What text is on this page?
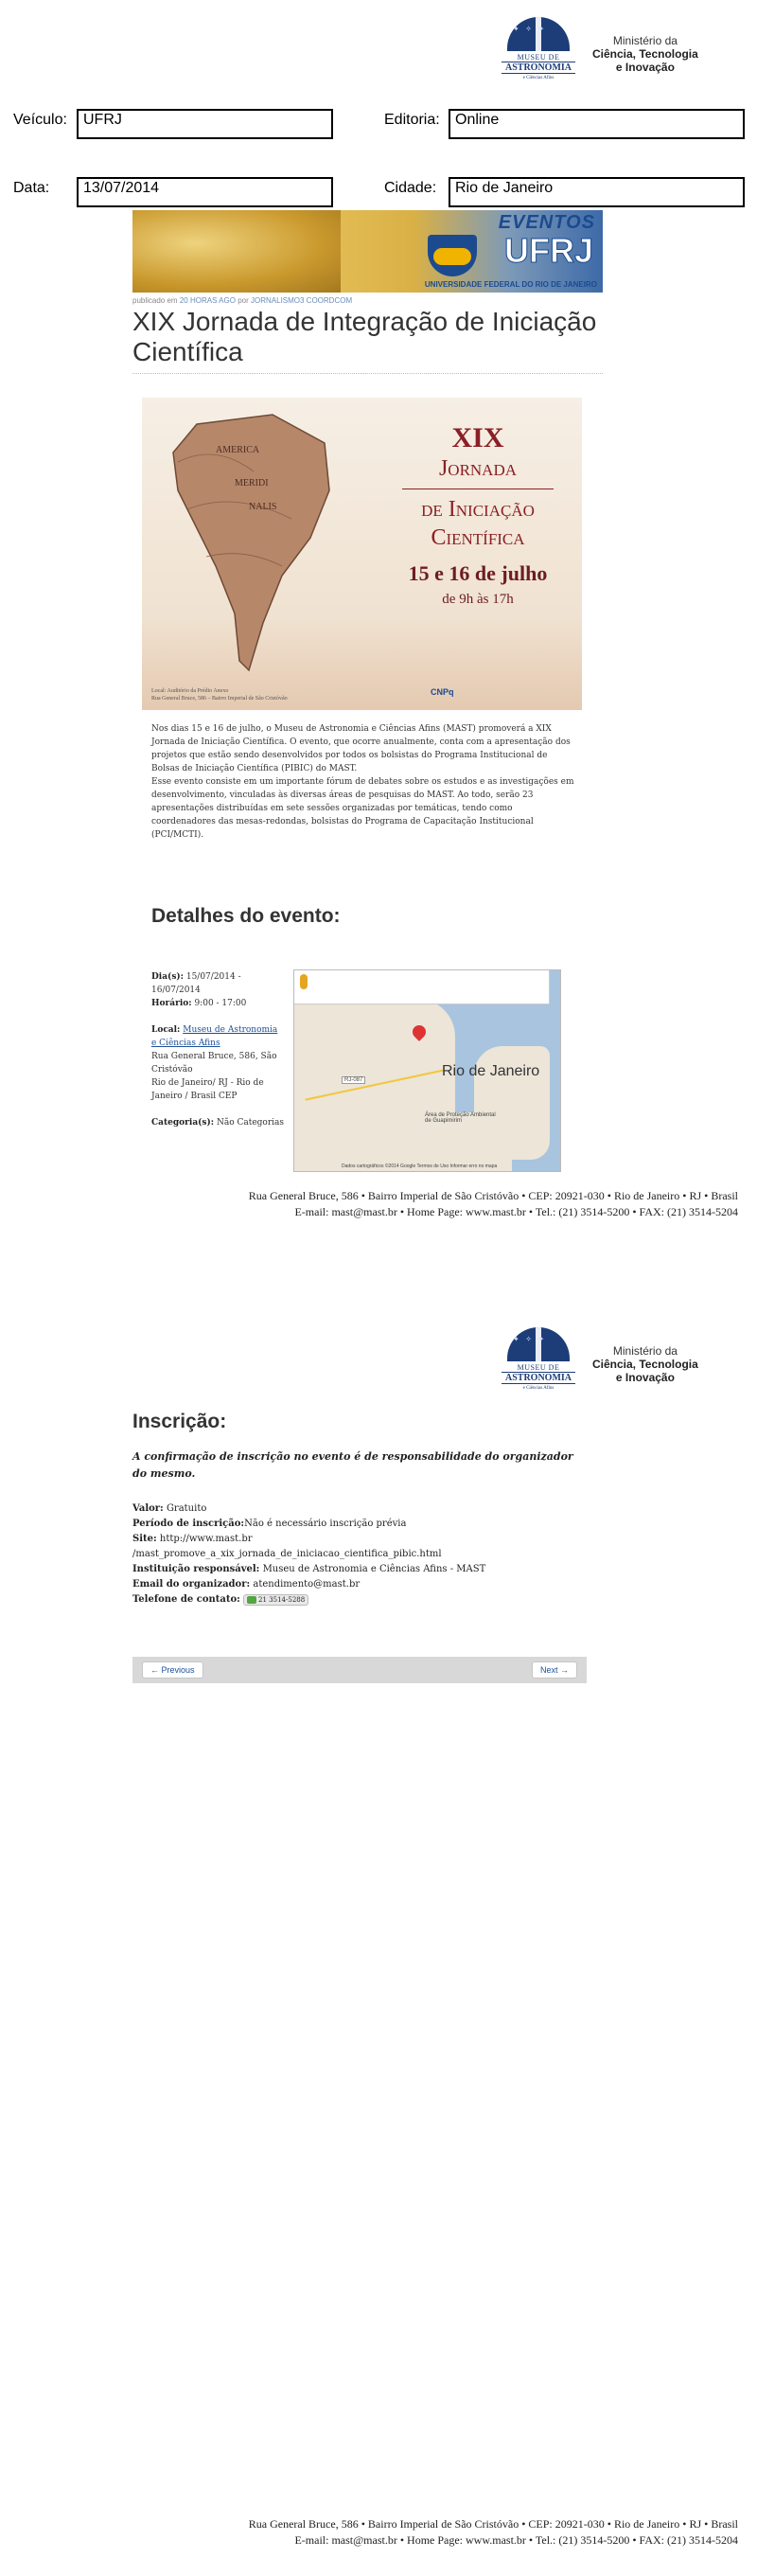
✦ ✧ ✦
MUSEU DE
ASTRONOMIA
e Ciências Afins
Ministério da
Ciência, Tecnologia
e Inovação
Veículo:	UFRJ	Editoria:	Online
Data:	13/07/2014	Cidade:	Rio de Janeiro
EVENTOS
UFRJ
UNIVERSIDADE FEDERAL DO RIO DE JANEIRO
publicado em 20 HORAS AGO por JORNALISMO3 COORDCOM
XIX Jornada de Integração de Iniciação Científica
AMERICA
MERIDI
NALIS
XIX
Jornada
de Iniciação
Científica
15 e 16 de julho
de 9h às 17h
Local: Auditório da Prédio Anexo
Rua General Bruce, 586 – Bairro Imperial de São Cristóvão
CNPq

Nos dias 15 e 16 de julho, o Museu de Astronomia e Ciências Afins (MAST) promoverá a XIX Jornada de Iniciação Científica. O evento, que ocorre anualmente, conta com a apresentação dos projetos que estão sendo desenvolvidos por todos os bolsistas do Programa Institucional de Bolsas de Iniciação Científica (PIBIC) do MAST.

Esse evento consiste em um importante fórum de debates sobre os estudos e as investigações em desenvolvimento, vinculadas às diversas áreas de pesquisas do MAST. Ao todo, serão 23 apresentações distribuídas em sete sessões organizadas por temáticas, tendo como coordenadores das mesas-redondas, bolsistas do Programa de Capacitação Institucional (PCI/MCTI).

Detalhes do evento:
Dia(s): 15/07/2014 - 16/07/2014
Horário: 9:00 - 17:00
Local: Museu de Astronomia e Ciências Afins
Rua General Bruce, 586, São Cristóvão
Rio de Janeiro/ RJ - Rio de Janeiro / Brasil CEP
Categoria(s): Não Categorias
Rio de Janeiro
RJ-087
Área de Proteção Ambiental de Guapimirim
Dados cartográficos ©2014 Google Termos de Uso Informar erro no mapa
Rua General Bruce, 586 • Bairro Imperial de São Cristóvão • CEP: 20921-030 • Rio de Janeiro • RJ • Brasil
E-mail: mast@mast.br • Home Page: www.mast.br • Tel.: (21) 3514-5200 • FAX: (21) 3514-5204
✦ ✧ ✦
MUSEU DE
ASTRONOMIA
e Ciências Afins
Ministério da
Ciência, Tecnologia
e Inovação
Inscrição:
A confirmação de inscrição no evento é de responsabilidade do organizador do mesmo.
Valor: Gratuito
Período de inscrição:Não é necessário inscrição prévia
Site: http://www.mast.br
/mast_promove_a_xix_jornada_de_iniciacao_cientifica_pibic.html
Instituição responsável: Museu de Astronomia e Ciências Afins - MAST
Email do organizador: atendimento@mast.br
Telefone de contato:	21 3514-5288
← Previous	Next →
Rua General Bruce, 586 • Bairro Imperial de São Cristóvão • CEP: 20921-030 • Rio de Janeiro • RJ • Brasil
E-mail: mast@mast.br • Home Page: www.mast.br • Tel.: (21) 3514-5200 • FAX: (21) 3514-5204
